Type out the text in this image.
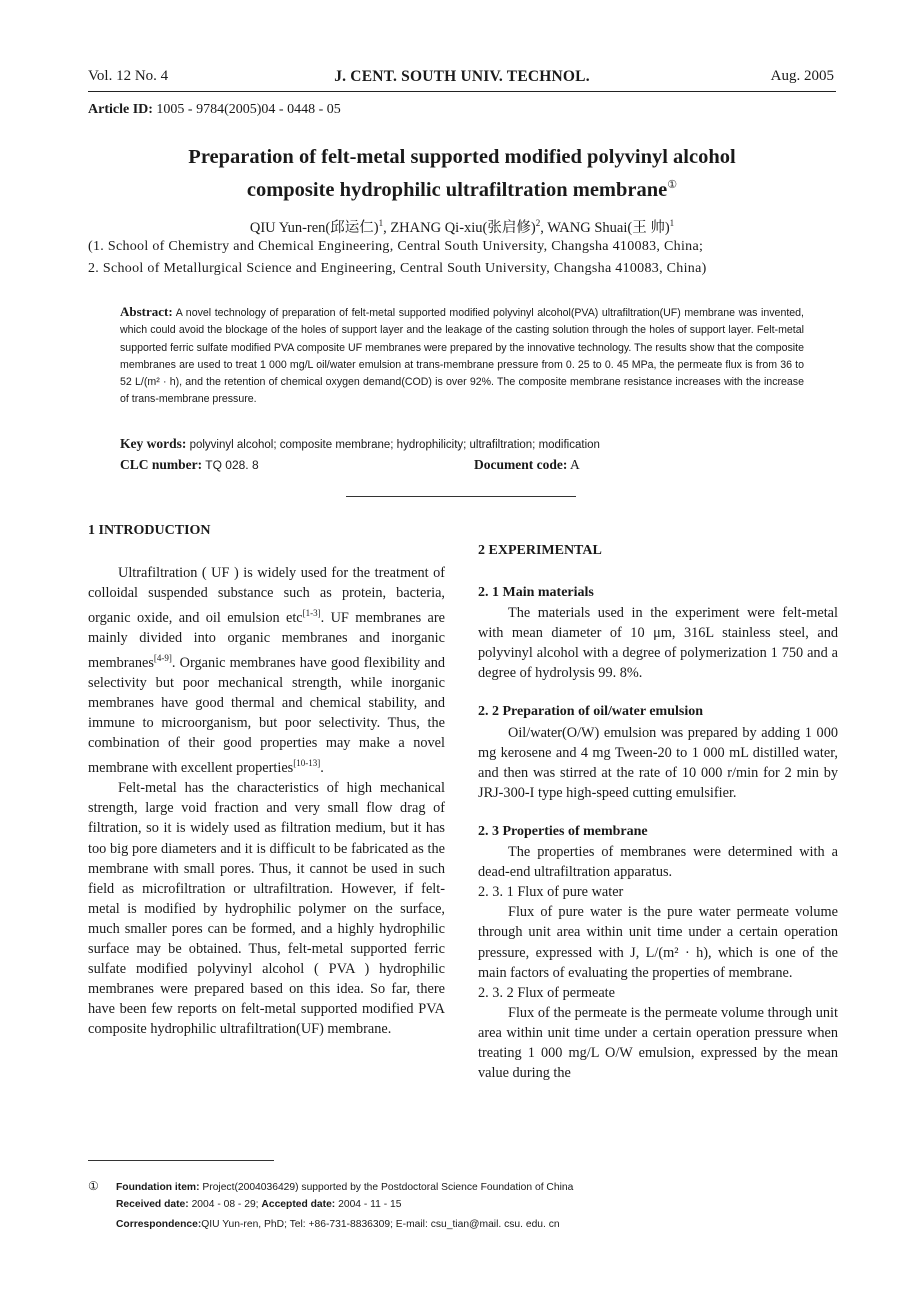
Vol. 12 No. 4	J. CENT. SOUTH UNIV. TECHNOL.	Aug. 2005
Article ID: 1005 - 9784(2005)04 - 0448 - 05
Preparation of felt-metal supported modified polyvinyl alcohol
composite hydrophilic ultrafiltration membrane①
QIU Yun-ren(邱运仁)$^1$, ZHANG Qi-xiu(张启修)$^2$, WANG Shuai(王 帅)$^1$
(1. School of Chemistry and Chemical Engineering, Central South University, Changsha 410083, China;
2. School of Metallurgical Science and Engineering, Central South University, Changsha 410083, China)
Abstract: A novel technology of preparation of felt-metal supported modified polyvinyl alcohol(PVA) ultrafiltration(UF) membrane was invented, which could avoid the blockage of the holes of support layer and the leakage of the casting solution through the holes of support layer. Felt-metal supported ferric sulfate modified PVA composite UF membranes were prepared by the innovative technology. The results show that the composite membranes are used to treat 1 000 mg/L oil/water emulsion at trans-membrane pressure from 0. 25 to 0. 45 MPa, the permeate flux is from 36 to 52 L/(m² · h), and the retention of chemical oxygen demand(COD) is over 92%. The composite membrane resistance increases with the increase of trans-membrane pressure.
Key words: polyvinyl alcohol; composite membrane; hydrophilicity; ultrafiltration; modification
CLC number: TQ 028. 8	Document code: A
1 INTRODUCTION

Ultrafiltration ( UF ) is widely used for the treatment of colloidal suspended substance such as protein, bacteria, organic oxide, and oil emulsion etc[1-3]. UF membranes are mainly divided into organic membranes and inorganic membranes[4-9]. Organic membranes have good flexibility and selectivity but poor mechanical strength, while inorganic membranes have good thermal and chemical stability, and immune to microorganism, but poor selectivity. Thus, the combination of their good properties may make a novel membrane with excellent properties[10-13].

Felt-metal has the characteristics of high mechanical strength, large void fraction and very small flow drag of filtration, so it is widely used as filtration medium, but it has too big pore diameters and it is difficult to be fabricated as the membrane with small pores. Thus, it cannot be used in such field as microfiltration or ultrafiltration. However, if felt-metal is modified by hydrophilic polymer on the surface, much smaller pores can be formed, and a highly hydrophilic surface may be obtained. Thus, felt-metal supported ferric sulfate modified polyvinyl alcohol ( PVA ) hydrophilic membranes were prepared based on this idea. So far, there have been few reports on felt-metal supported modified PVA composite hydrophilic ultrafiltration(UF) membrane.

2 EXPERIMENTAL
2. 1 Main materials

The materials used in the experiment were felt-metal with mean diameter of 10 μm, 316L stainless steel, and polyvinyl alcohol with a degree of polymerization 1 750 and a degree of hydrolysis 99. 8%.

2. 2 Preparation of oil/water emulsion

Oil/water(O/W) emulsion was prepared by adding 1 000 mg kerosene and 4 mg Tween-20 to 1 000 mL distilled water, and then was stirred at the rate of 10 000 r/min for 2 min by JRJ-300-I type high-speed cutting emulsifier.

2. 3 Properties of membrane

The properties of membranes were determined with a dead-end ultrafiltration apparatus.

2. 3. 1 Flux of pure water

Flux of pure water is the pure water permeate volume through unit area within unit time under a certain operation pressure, expressed with J, L/(m² · h), which is one of the main factors of evaluating the properties of membrane.

2. 3. 2 Flux of permeate

Flux of the permeate is the permeate volume through unit area within unit time under a certain operation pressure when treating 1 000 mg/L O/W emulsion, expressed by the mean value during the

① Foundation item: Project(2004036429) supported by the Postdoctoral Science Foundation of China
Received date: 2004 - 08 - 29; Accepted date: 2004 - 11 - 15
Correspondence:QIU Yun-ren, PhD; Tel: +86-731-8836309; E-mail: csu_tian@mail. csu. edu. cn
